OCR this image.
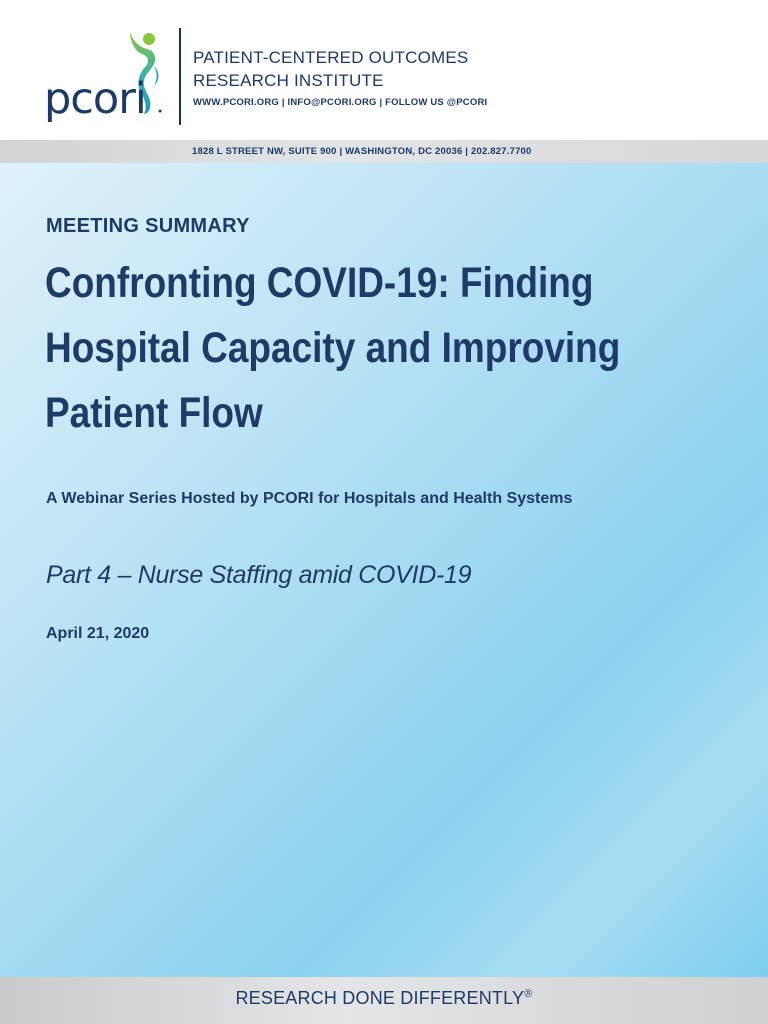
pcori ●
PATIENT-CENTERED OUTCOMES
RESEARCH INSTITUTE
WWW.PCORI.ORG | INFO@PCORI.ORG | FOLLOW US @PCORI
1828 L STREET NW, SUITE 900 | WASHINGTON, DC 20036 | 202.827.7700
MEETING SUMMARY
Confronting COVID-19: Finding
Hospital Capacity and Improving
Patient Flow
A Webinar Series Hosted by PCORI for Hospitals and Health Systems
Part 4 – Nurse Staffing amid COVID-19
April 21, 2020
RESEARCH DONE DIFFERENTLY®
